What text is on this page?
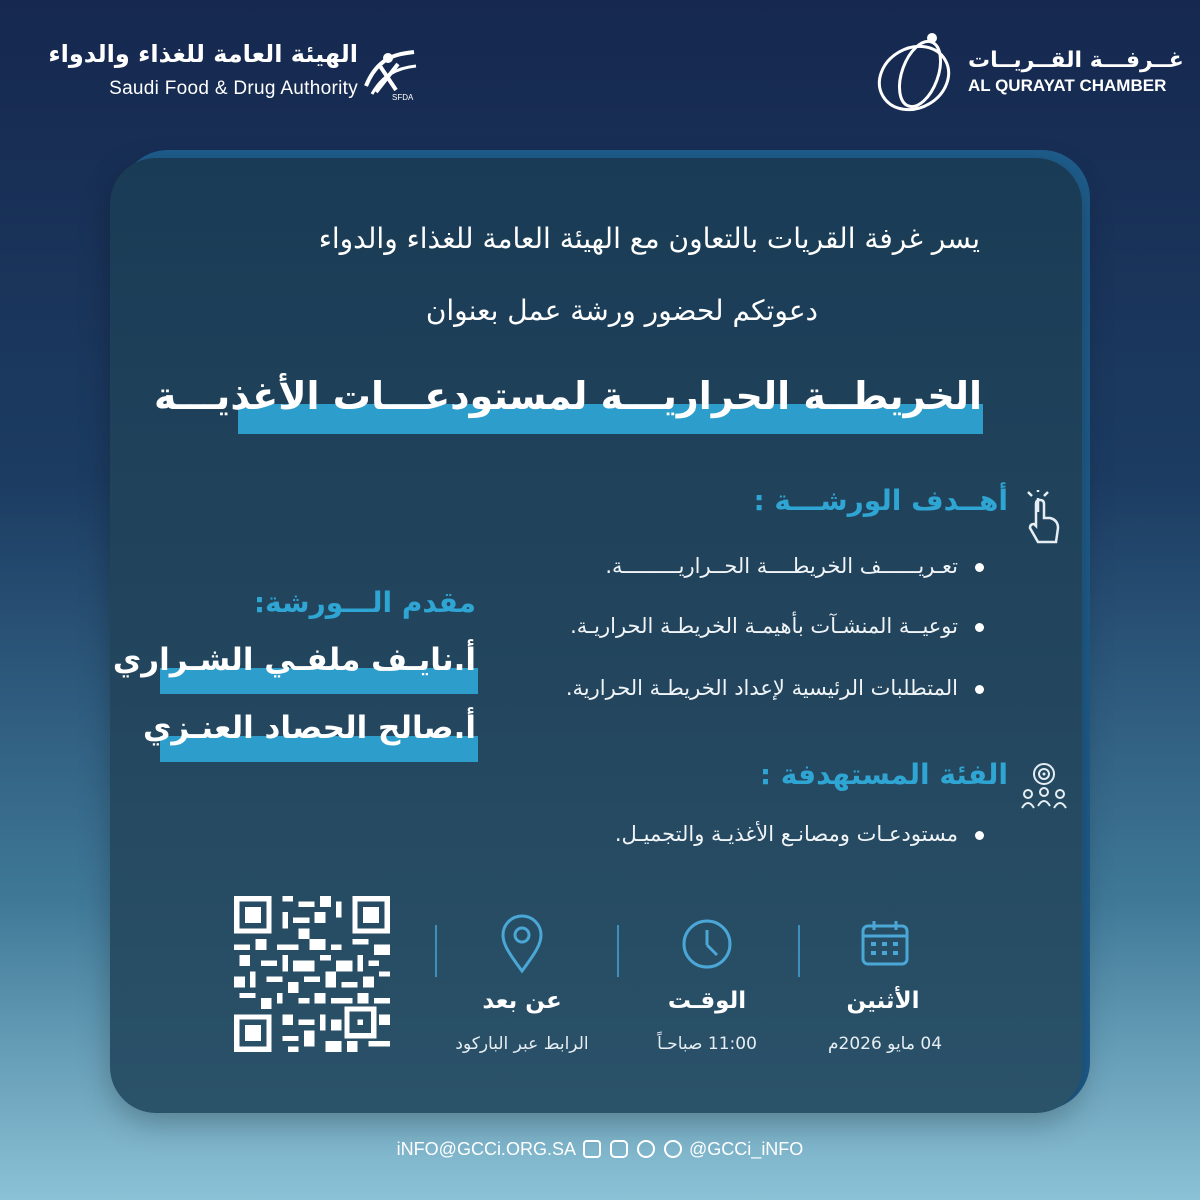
الهيئة العامة للغذاء والدواء
Saudi Food & Drug Authority	SFDA
غــرفـــة القــريــات
AL QURAYAT CHAMBER
يسر غرفة القريات بالتعاون مع الهيئة العامة للغذاء والدواء
دعوتكم لحضور ورشة عمل بعنوان
الخريطــة الحراريـــة لمستودعـــات الأغذيـــة
أهــدف الورشـــة :
تعـريــــــف الخريطــــة الحــراريـــــــــة.
توعيــة المنشـآت بأهيمـة الخريطـة الحراريـة.
المتطلبات الرئيسية لإعداد الخريطـة الحرارية.
الفئة المستهدفة :
مستودعـات ومصانـع الأغذيـة والتجميـل.
مقدم الـــورشة:
أ.نايـف ملفـي الشـراري
أ.صالح الحصاد العنـزي
الأثنين
04 مايو 2026م
الوقـت
11:00 صباحـاً
عن بعد
الرابط عبر الباركود
iNFO@GCCi.ORG.SA	@GCCi_iNFO
